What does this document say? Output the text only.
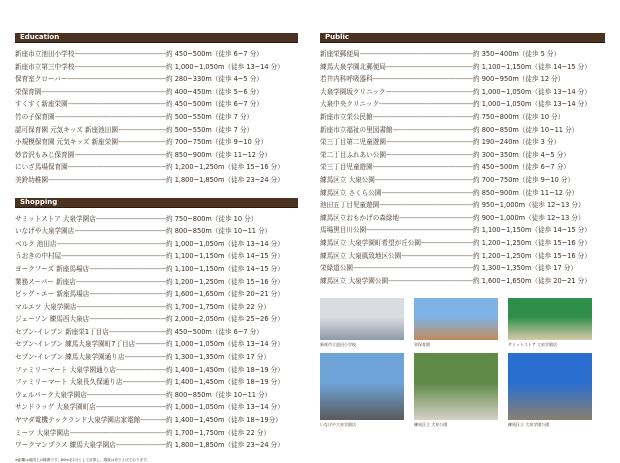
Education
新座市立池田小学校 -----	約 450~500m（徒歩 6~7 分）
新座市立第三中学校 -----	約 1,000~1,050m（徒歩 13~14 分）
保育室クローバー -----	約 280~330m（徒歩 4~5 分）
栄保育園 -----	約 400~450m（徒歩 5~6 分）
すくすく新座栄園 -----	約 450~500m（徒歩 6~7 分）
竹の子保育園 -----	約 500~550m（徒歩 7 分）
認可保育園 元気キッズ 新座池田園 -----	約 500~550m（徒歩 7 分）
小規模保育園 元気キッズ 新座栄園 -----	約 700~750m（徒歩 9~10 分）
妙音沢もみじ保育園 -----	約 850~900m（徒歩 11~12 分）
にいざ馬場保育園 -----	約 1,200~1,250m（徒歩 15~16 分）
美鈴幼稚園 -----	約 1,800~1,850m（徒歩 23~24 分）
Shopping
サミットストア 大泉学園店 -----	約 750~800m（徒歩 10 分）
いなげや大泉学園店 -----	約 800~850m（徒歩 10~11 分）
ベルク 池田店 -----	約 1,000~1,050m（徒歩 13~14 分）
うおきの中村屋 -----	約 1,100~1,150m（徒歩 14~15 分）
ヨークフーズ 新座馬場店 -----	約 1,100~1,150m（徒歩 14~15 分）
業務スーパー 新座店 -----	約 1,200~1,250m（徒歩 15~16 分）
ビッグ・エー 新座馬場店 -----	約 1,600~1,650m（徒歩 20~21 分）
マルエツ 大泉学園店 -----	約 1,700~1,750m（徒歩 22 分）
ジェーソン 練馬西大泉店 -----	約 2,000~2,050m（徒歩 25~26 分）
セブン-イレブン 新座栄1丁目店 -----	約 450~500m（徒歩 6~7 分）
セブン-イレブン 練馬大泉学園町7丁目店 -----	約 1,000~1,050m（徒歩 13~14 分）
セブン-イレブン 練馬大泉学園通り店 -----	約 1,300~1,350m（徒歩 17 分）
ファミリーマート 大泉学園通り店 -----	約 1,400~1,450m（徒歩 18~19 分）
ファミリーマート 大泉長久保通り店 -----	約 1,400~1,450m（徒歩 18~19 分）
ウェルパーク大泉学園店 -----	約 800~850m（徒歩 10~11 分）
サンドラッグ 大泉学園町店 -----	約 1,000~1,050m（徒歩 13~14 分）
ヤマダ電機テックランド大泉学園店家電館 -----	約 1,400~1,450m（徒歩 18~19分）
ミーツ 大泉学園店 -----	約 1,700~1,750m（徒歩 22 分）
ワークマンプラス 練馬大泉学園店 -----	約 1,800~1,850m（徒歩 23~24 分）
※距離は地図上の概測です。80mを1分として計算し、端数は切り上げております。
Public
新座栄郵便局 -----	約 350~400m（徒歩 5 分）
練馬大泉学園北郵便局 -----	約 1,100~1,150m（徒歩 14~15 分）
若井内科呼吸器科 -----	約 900~950m（徒歩 12 分）
大泉学園坂クリニック -----	約 1,000~1,050m（徒歩 13~14 分）
大泉中央クリニック -----	約 1,000~1,050m（徒歩 13~14 分）
新座市立栄公民館 -----	約 750~800m（徒歩 10 分）
新座市立福祉の里図書館 -----	約 800~850m（徒歩 10~11 分）
栄三丁目第二児童遊園 -----	約 190~240m（徒歩 3 分）
栄二丁目ふれあい公園 -----	約 300~350m（徒歩 4~5 分）
栄三丁目児童遊園 -----	約 450~500m（徒歩 6~7 分）
練馬区立 大泉公園 -----	約 700~750m（徒歩 9~10 分）
練馬区立 さくら公園 -----	約 850~900m（徒歩 11~12 分）
池田五丁目児童遊園 -----	約 950~1,000m（徒歩 12~13 分）
練馬区立おもかげの森緑地 -----	約 900~1,000m（徒歩 12~13 分）
馬場黒目川公園 -----	約 1,100~1,150m（徒歩 14~15 分）
練馬区立 大泉学園町希望が丘公園 -----	約 1,200~1,250m（徒歩 15~16 分）
練馬区立 大泉風致地区公園 -----	約 1,200~1,250m（徒歩 15~16 分）
栄緑道公園 -----	約 1,300~1,350m（徒歩 17 分）
練馬区立 大泉学園公園 -----	約 1,600~1,650m（徒歩 20~21 分）
新座市立池田小学校	栄保育園	サミットストア 大泉学園店
いなげや大泉学園店	練馬区立 大泉公園	練馬区立 大泉学園公園
